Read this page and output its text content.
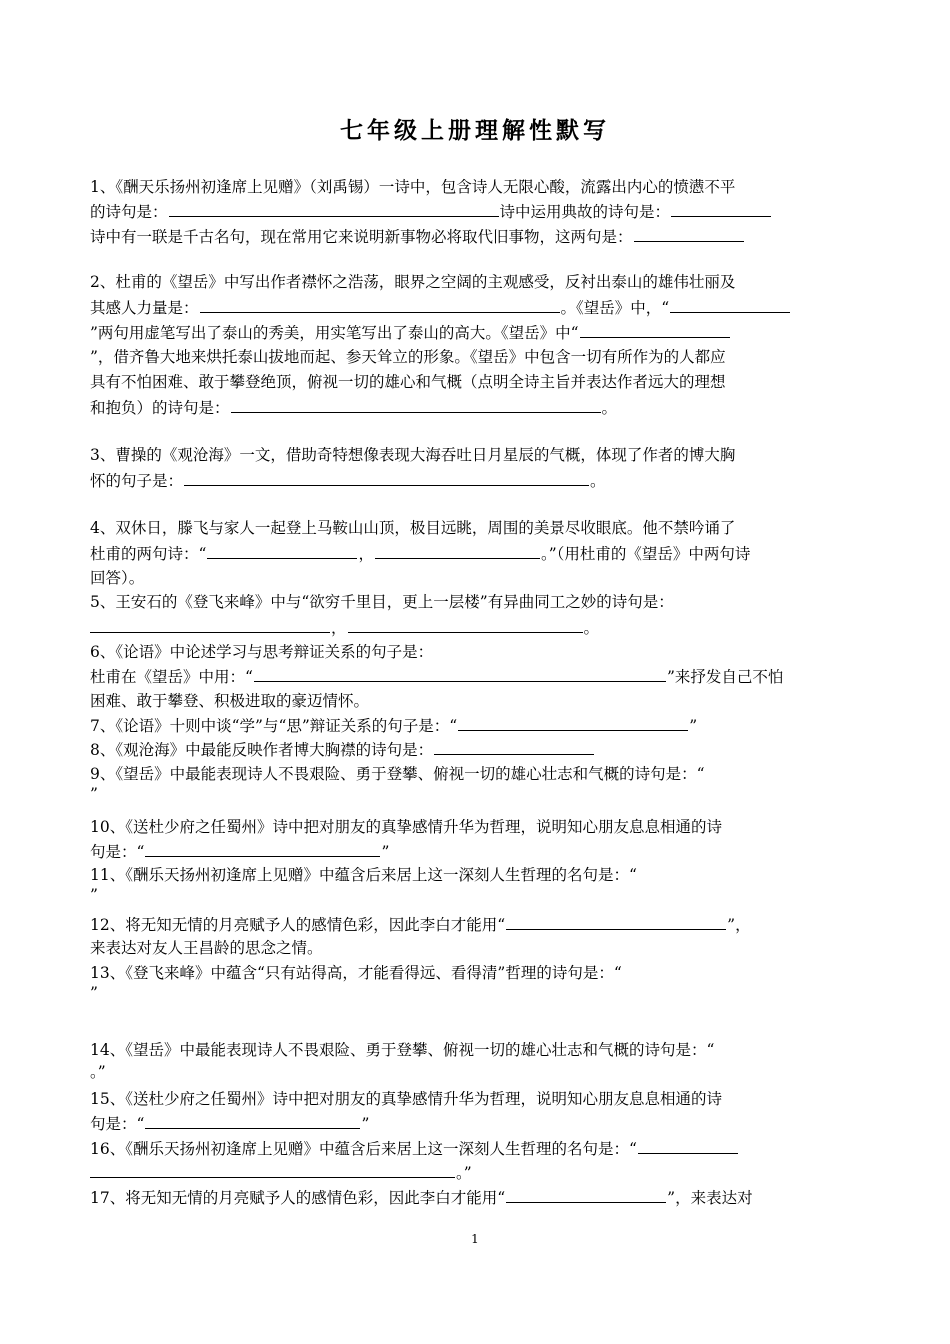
七年级上册理解性默写
1、《酬天乐扬州初逢席上见赠》（刘禹锡）一诗中，包含诗人无限心酸，流露出内心的愤懑不平
的诗句是：	诗中运用典故的诗句是：
诗中有一联是千古名句，现在常用它来说明新事物必将取代旧事物，这两句是：
2、杜甫的《望岳》中写出作者襟怀之浩荡，眼界之空阔的主观感受，反衬出泰山的雄伟壮丽及
其感人力量是：	。《望岳》中，“
”两句用虚笔写出了泰山的秀美，用实笔写出了泰山的高大。《望岳》中“
”，借齐鲁大地来烘托泰山拔地而起、参天耸立的形象。《望岳》中包含一切有所作为的人都应
具有不怕困难、敢于攀登绝顶，俯视一切的雄心和气概（点明全诗主旨并表达作者远大的理想
和抱负）的诗句是：	。
3、曹操的《观沧海》一文，借助奇特想像表现大海吞吐日月星辰的气概，体现了作者的博大胸
怀的句子是：	。
4、双休日，滕飞与家人一起登上马鞍山山顶，极目远眺，周围的美景尽收眼底。他不禁吟诵了
杜甫的两句诗：“	，	。”（用杜甫的《望岳》中两句诗
回答）。
5、王安石的《登飞来峰》中与“欲穷千里目，更上一层楼”有异曲同工之妙的诗句是：
，	。
6、《论语》中论述学习与思考辩证关系的句子是：
杜甫在《望岳》中用：“	”来抒发自己不怕
困难、敢于攀登、积极进取的豪迈情怀。
7、《论语》十则中谈“学”与“思”辩证关系的句子是：“	”
8、《观沧海》中最能反映作者博大胸襟的诗句是：
9、《望岳》中最能表现诗人不畏艰险、勇于登攀、俯视一切的雄心壮志和气概的诗句是：“
”
10、《送杜少府之任蜀州》诗中把对朋友的真挚感情升华为哲理，说明知心朋友息息相通的诗
句是：“	”
11、《酬乐天扬州初逢席上见赠》中蕴含后来居上这一深刻人生哲理的名句是：“
”
12、将无知无情的月亮赋予人的感情色彩，因此李白才能用“	”，
来表达对友人王昌龄的思念之情。
13、《登飞来峰》中蕴含“只有站得高，才能看得远、看得清”哲理的诗句是：“
”
14、《望岳》中最能表现诗人不畏艰险、勇于登攀、俯视一切的雄心壮志和气概的诗句是：“
。”
15、《送杜少府之任蜀州》诗中把对朋友的真挚感情升华为哲理，说明知心朋友息息相通的诗
句是：“	”
16、《酬乐天扬州初逢席上见赠》中蕴含后来居上这一深刻人生哲理的名句是：“
。”
17、将无知无情的月亮赋予人的感情色彩，因此李白才能用“	”，来表达对
1
